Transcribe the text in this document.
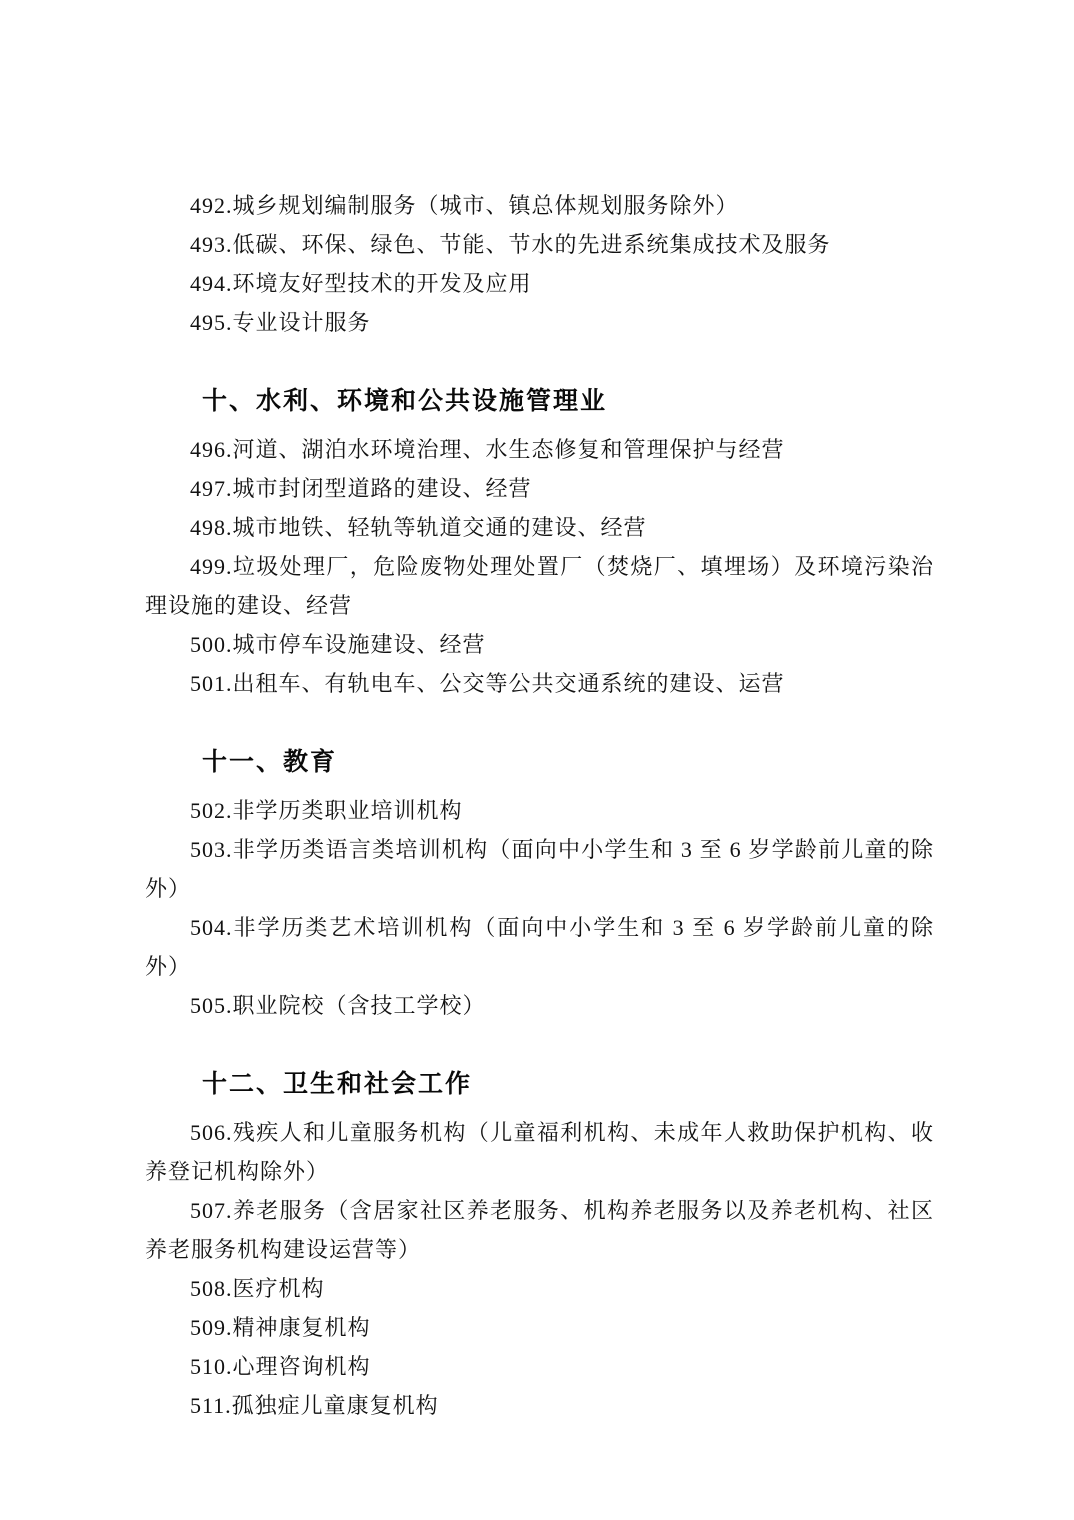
492.城乡规划编制服务（城市、镇总体规划服务除外）

493.低碳、环保、绿色、节能、节水的先进系统集成技术及服务

494.环境友好型技术的开发及应用

495.专业设计服务

十、水利、环境和公共设施管理业

496.河道、湖泊水环境治理、水生态修复和管理保护与经营

497.城市封闭型道路的建设、经营

498.城市地铁、轻轨等轨道交通的建设、经营

499.垃圾处理厂，危险废物处理处置厂（焚烧厂、填埋场）及环境污染治理设施的建设、经营

500.城市停车设施建设、经营

501.出租车、有轨电车、公交等公共交通系统的建设、运营

十一、教育

502.非学历类职业培训机构

503.非学历类语言类培训机构（面向中小学生和 3 至 6 岁学龄前儿童的除外）

504.非学历类艺术培训机构（面向中小学生和 3 至 6 岁学龄前儿童的除外）

505.职业院校（含技工学校）

十二、卫生和社会工作

506.残疾人和儿童服务机构（儿童福利机构、未成年人救助保护机构、收养登记机构除外）

507.养老服务（含居家社区养老服务、机构养老服务以及养老机构、社区养老服务机构建设运营等）

508.医疗机构

509.精神康复机构

510.心理咨询机构

511.孤独症儿童康复机构
